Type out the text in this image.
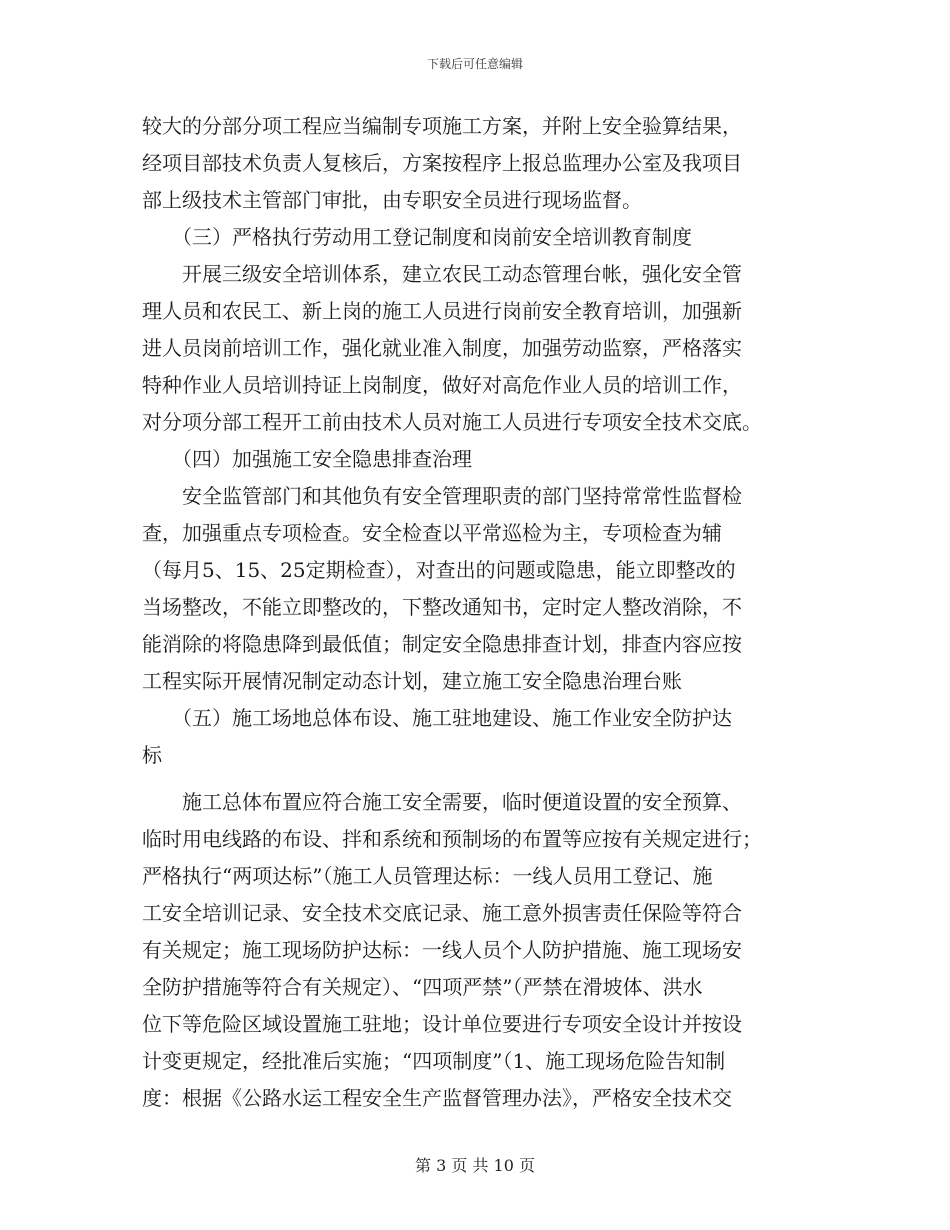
下载后可任意编辑
较大的分部分项工程应当编制专项施工方案，并附上安全验算结果，
经项目部技术负责人复核后，方案按程序上报总监理办公室及我项目
部上级技术主管部门审批，由专职安全员进行现场监督。
　　（三）严格执行劳动用工登记制度和岗前安全培训教育制度
　　开展三级安全培训体系，建立农民工动态管理台帐，强化安全管
理人员和农民工、新上岗的施工人员进行岗前安全教育培训，加强新
进人员岗前培训工作，强化就业准入制度，加强劳动监察，严格落实
特种作业人员培训持证上岗制度，做好对高危作业人员的培训工作，
对分项分部工程开工前由技术人员对施工人员进行专项安全技术交底。
　　（四）加强施工安全隐患排查治理
　　安全监管部门和其他负有安全管理职责的部门坚持常常性监督检
查，加强重点专项检查。安全检查以平常巡检为主，专项检查为辅
（每月5、15、25定期检查），对查出的问题或隐患，能立即整改的
当场整改，不能立即整改的，下整改通知书，定时定人整改消除，不
能消除的将隐患降到最低值；制定安全隐患排查计划，排查内容应按
工程实际开展情况制定动态计划，建立施工安全隐患治理台账
　　（五）施工场地总体布设、施工驻地建设、施工作业安全防护达
标
　　施工总体布置应符合施工安全需要，临时便道设置的安全预算、
临时用电线路的布设、拌和系统和预制场的布置等应按有关规定进行；
严格执行“两项达标”（施工人员管理达标：一线人员用工登记、施
工安全培训记录、安全技术交底记录、施工意外损害责任保险等符合
有关规定；施工现场防护达标：一线人员个人防护措施、施工现场安
全防护措施等符合有关规定）、“四项严禁”（严禁在滑坡体、洪水
位下等危险区域设置施工驻地；设计单位要进行专项安全设计并按设
计变更规定，经批准后实施；“四项制度”（1、施工现场危险告知制
度：根据《公路水运工程安全生产监督管理办法》，严格安全技术交
第 3 页 共 10 页
